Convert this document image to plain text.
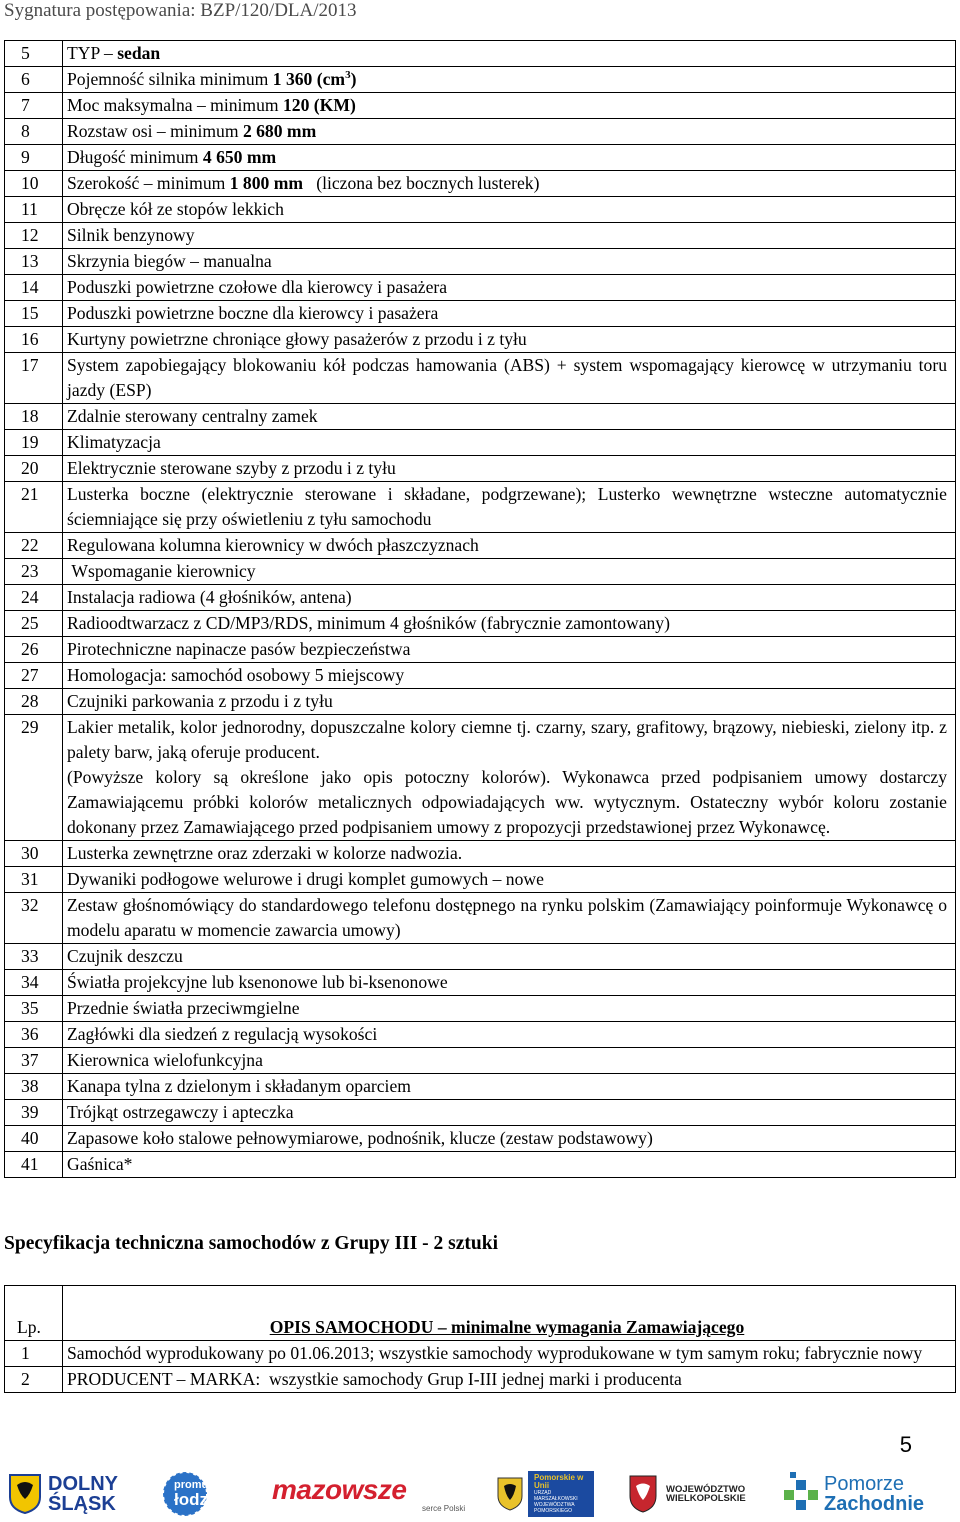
Sygnatura postępowania: BZP/120/DLA/2013
5	TYP – sedan
6	Pojemność silnika minimum 1 360 $(cm^3)$
7	Moc maksymalna – minimum 120 (KM)
8	Rozstaw osi – minimum 2 680 mm
9	Długość minimum 4 650 mm
10	Szerokość – minimum 1 800 mm   (liczona bez bocznych lusterek)
11	Obręcze kół ze stopów lekkich
12	Silnik benzynowy
13	Skrzynia biegów – manualna
14	Poduszki powietrzne czołowe dla kierowcy i pasażera
15	Poduszki powietrzne boczne dla kierowcy i pasażera
16	Kurtyny powietrzne chroniące głowy pasażerów z przodu i z tyłu
17	System zapobiegający blokowaniu kół podczas hamowania (ABS) + system wspomagający kierowcę w utrzymaniu toru jazdy (ESP)
18	Zdalnie sterowany centralny zamek
19	Klimatyzacja
20	Elektrycznie sterowane szyby z przodu i z tyłu
21	Lusterka boczne (elektrycznie sterowane i składane, podgrzewane); Lusterko wewnętrzne wsteczne automatycznie ściemniające się przy oświetleniu z tyłu samochodu
22	Regulowana kolumna kierownicy w dwóch płaszczyznach
23	Wspomaganie kierownicy
24	Instalacja radiowa (4 głośników, antena)
25	Radioodtwarzacz z CD/MP3/RDS, minimum 4 głośników (fabrycznie zamontowany)
26	Pirotechniczne napinacze pasów bezpieczeństwa
27	Homologacja: samochód osobowy 5 miejscowy
28	Czujniki parkowania z przodu i z tyłu
29	Lakier metalik, kolor jednorodny, dopuszczalne kolory ciemne tj. czarny, szary, grafitowy, brązowy, niebieski, zielony itp. z palety barw, jaką oferuje producent.
(Powyższe kolory są określone jako opis potoczny kolorów). Wykonawca przed podpisaniem umowy dostarczy Zamawiającemu próbki kolorów metalicznych odpowiadających ww. wytycznym. Ostateczny wybór koloru zostanie dokonany przez Zamawiającego przed podpisaniem umowy z propozycji przedstawionej przez Wykonawcę.
30	Lusterka zewnętrzne oraz zderzaki w kolorze nadwozia.
31	Dywaniki podłogowe welurowe i drugi komplet gumowych – nowe
32	Zestaw głośnomówiący do standardowego telefonu dostępnego na rynku polskim (Zamawiający poinformuje Wykonawcę o modelu aparatu w momencie zawarcia umowy)
33	Czujnik deszczu
34	Światła projekcyjne lub ksenonowe lub bi-ksenonowe
35	Przednie światła przeciwmgielne
36	Zagłówki dla siedzeń z regulacją wysokości
37	Kierownica wielofunkcyjna
38	Kanapa tylna z dzielonym i składanym oparciem
39	Trójkąt ostrzegawczy i apteczka
40	Zapasowe koło stalowe pełnowymiarowe, podnośnik, klucze (zestaw podstawowy)
41	Gaśnica*
Specyfikacja techniczna samochodów z Grupy III - 2 sztuki
Lp.	OPIS SAMOCHODU – minimalne wymagania Zamawiającego
1	Samochód wyprodukowany po 01.06.2013; wszystkie samochody wyprodukowane w tym samym roku; fabrycznie nowy
2	PRODUCENT – MARKA:  wszystkie samochody Grup I-III jednej marki i producenta
5
DOLNY
ŚLĄSK
promujemy
łodzkie mazowsze
serce Polski
Pomorskie w Unii
URZĄD MARSZAŁKOWSKI WOJEWÓDZTWA POMORSKIEGO
WOJEWÓDZTWO
WIELKOPOLSKIE
Pomorze
Zachodnie
